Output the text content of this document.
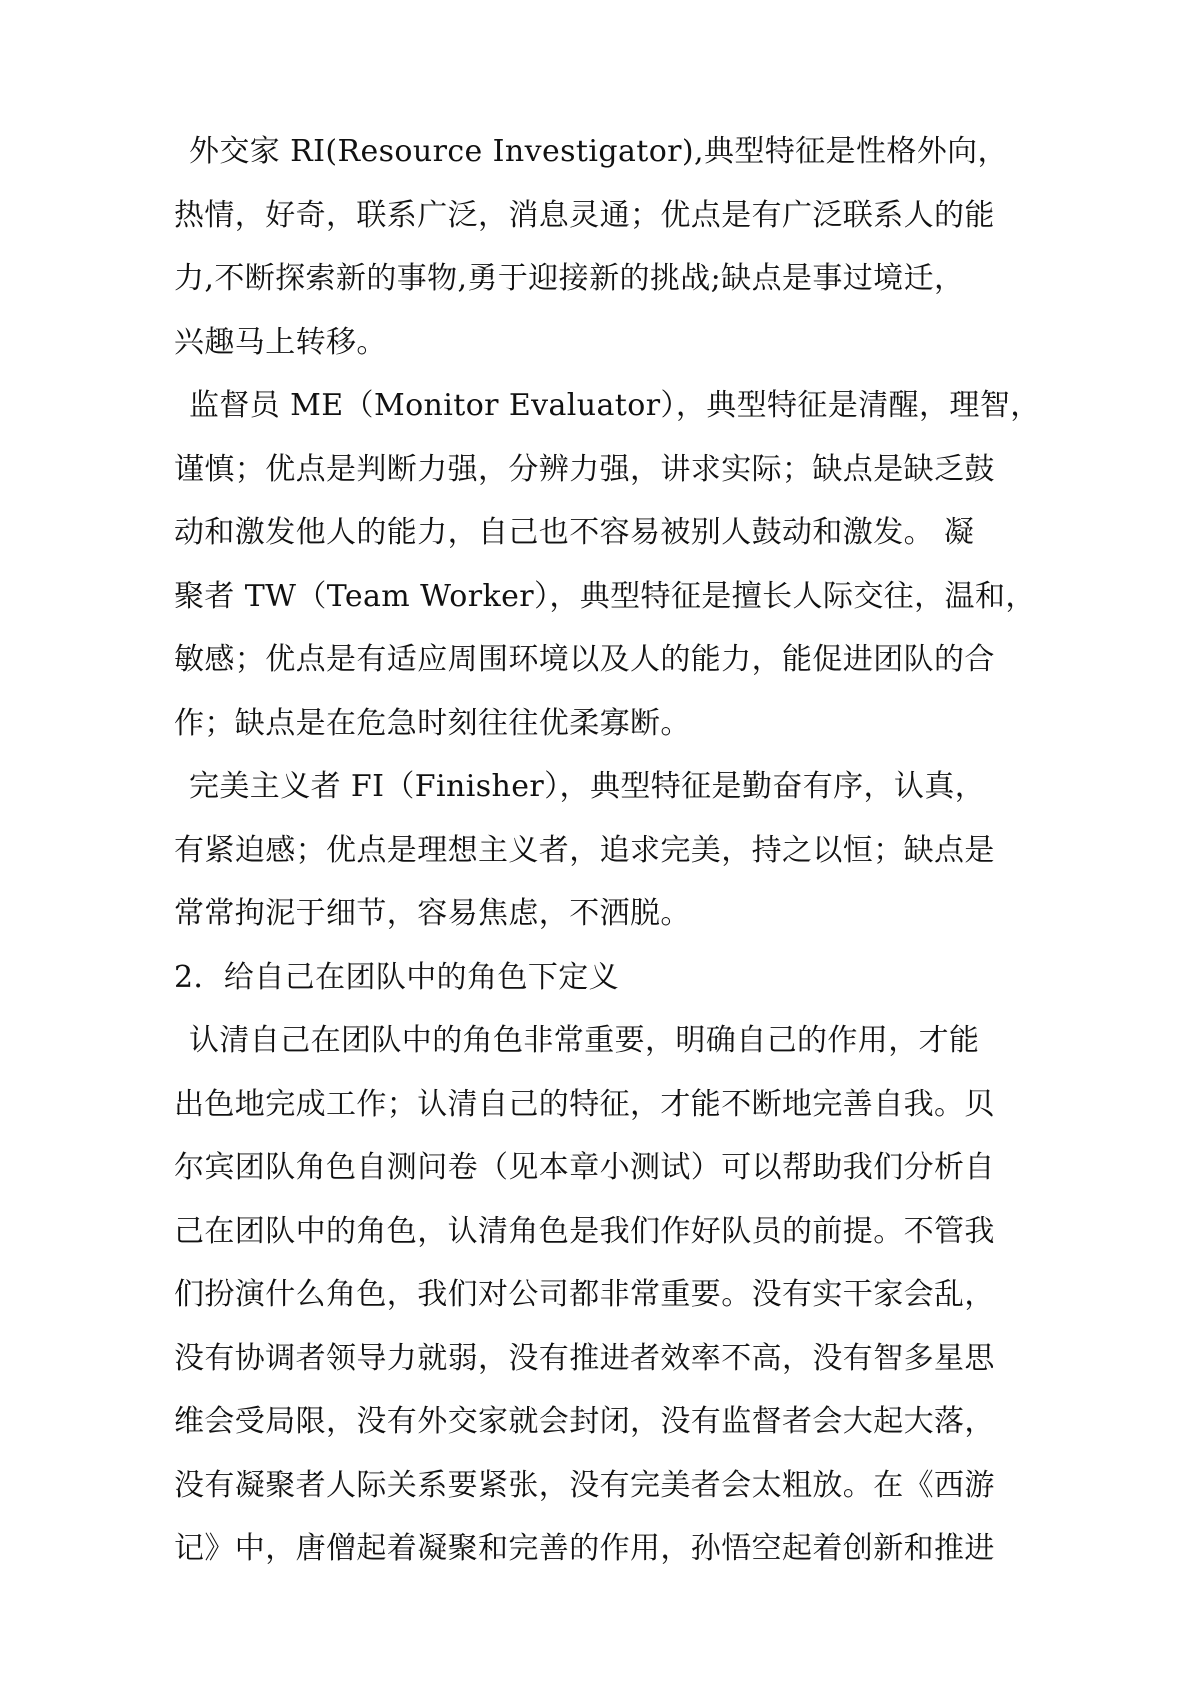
外交家 RI(Resource Investigator),典型特征是性格外向，
热情，好奇，联系广泛，消息灵通；优点是有广泛联系人的能
力,不断探索新的事物,勇于迎接新的挑战;缺点是事过境迁，
兴趣马上转移。
监督员 ME（Monitor Evaluator），典型特征是清醒，理智，
谨慎；优点是判断力强，分辨力强，讲求实际；缺点是缺乏鼓
动和激发他人的能力，自己也不容易被别人鼓动和激发。 凝
聚者 TW（Team Worker），典型特征是擅长人际交往，温和，
敏感；优点是有适应周围环境以及人的能力，能促进团队的合
作；缺点是在危急时刻往往优柔寡断。
完美主义者 FI（Finisher），典型特征是勤奋有序，认真，
有紧迫感；优点是理想主义者，追求完美，持之以恒；缺点是
常常拘泥于细节，容易焦虑，不洒脱。
2．给自己在团队中的角色下定义
认清自己在团队中的角色非常重要，明确自己的作用，才能
出色地完成工作；认清自己的特征，才能不断地完善自我。贝
尔宾团队角色自测问卷（见本章小测试）可以帮助我们分析自
己在团队中的角色，认清角色是我们作好队员的前提。不管我
们扮演什么角色，我们对公司都非常重要。没有实干家会乱，
没有协调者领导力就弱，没有推进者效率不高，没有智多星思
维会受局限，没有外交家就会封闭，没有监督者会大起大落，
没有凝聚者人际关系要紧张，没有完美者会太粗放。在《西游
记》中，唐僧起着凝聚和完善的作用，孙悟空起着创新和推进
